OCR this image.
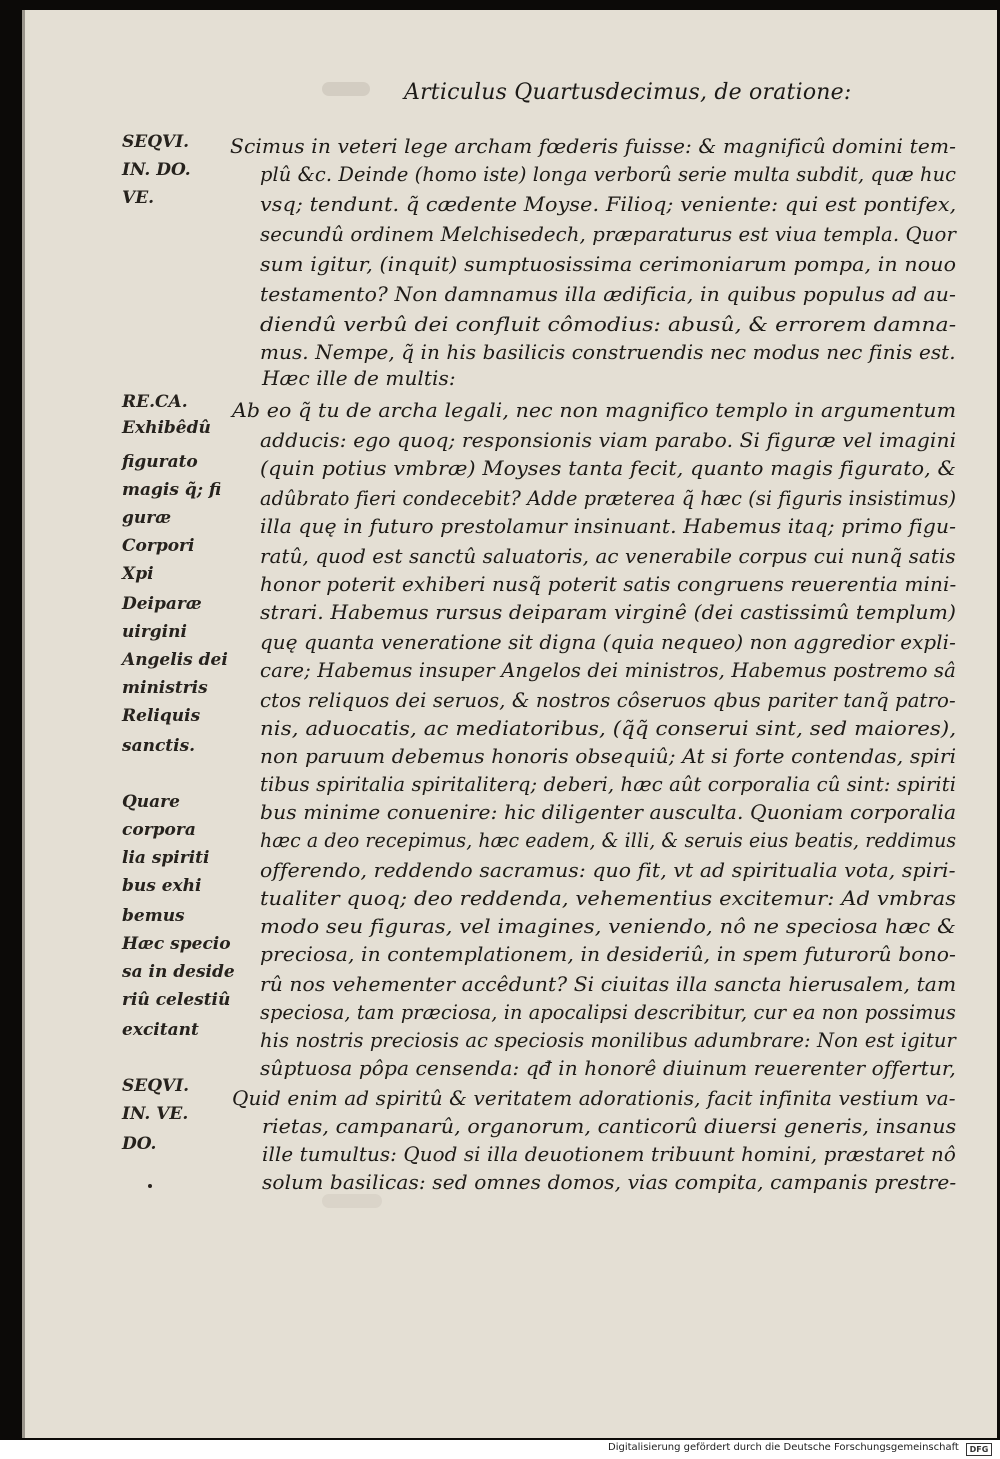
Articulus Quartusdecimus, de oratione:
SEQVI.
IN. DO.
VE.
RE.CA.
Exhibêdû
figurato
magis q̃; fi
guræ
Corpori
Xpi
Deiparæ
uirgini
Angelis dei
ministris
Reliquis
sanctis.
Quare
corpora
lia spiriti
bus exhi
bemus
Hæc specio
sa in deside
riû celestiû
excitant
SEQVI.
IN. VE.
DO.
Scimus in veteri lege archam fœderis fuisse: & magnificû domini tem-
plû &c. Deinde (homo iste) longa verborû serie multa subdit, quæ huc
vsq; tendunt. q̃ cædente Moyse. Filioq; veniente: qui est pontifex,
secundû ordinem Melchisedech, præparaturus est viua templa. Quor
sum igitur, (inquit) sumptuosissima cerimoniarum pompa, in nouo
testamento? Non damnamus illa ædificia, in quibus populus ad au-
diendû verbû dei confluit cômodius: abusû, & errorem damna-
mus. Nempe, q̃ in his basilicis construendis nec modus nec finis est.
Hæc ille de multis:
Ab eo q̃ tu de archa legali, nec non magnifico templo in argumentum
adducis: ego quoq; responsionis viam parabo. Si figuræ vel imagini
(quin potius vmbræ) Moyses tanta fecit, quanto magis figurato, &
adûbrato fieri condecebit? Adde præterea q̃ hæc (si figuris insistimus)
illa quę in futuro prestolamur insinuant. Habemus itaq; primo figu-
ratû, quod est sanctû saluatoris, ac venerabile corpus cui nunq̃ satis
honor poterit exhiberi nusq̃ poterit satis congruens reuerentia mini-
strari. Habemus rursus deiparam virginê (dei castissimû templum)
quę quanta veneratione sit digna (quia nequeo) non aggredior expli-
care; Habemus insuper Angelos dei ministros, Habemus postremo sâ
ctos reliquos dei seruos, & nostros côseruos qbus pariter tanq̃ patro-
nis, aduocatis, ac mediatoribus, (q̃q̃ conserui sint, sed maiores),
non paruum debemus honoris obsequiû; At si forte contendas, spiri
tibus spiritalia spiritaliterq; deberi, hæc aût corporalia cû sint: spiriti
bus minime conuenire: hic diligenter ausculta. Quoniam corporalia
hæc a deo recepimus, hæc eadem, & illi, & seruis eius beatis, reddimus
offerendo, reddendo sacramus: quo fit, vt ad spiritualia vota, spiri-
tualiter quoq; deo reddenda, vehementius excitemur: Ad vmbras
modo seu figuras, vel imagines, veniendo, nô ne speciosa hæc &
preciosa, in contemplationem, in desideriû, in spem futurorû bono-
rû nos vehementer accêdunt? Si ciuitas illa sancta hierusalem, tam
speciosa, tam præciosa, in apocalipsi describitur, cur ea non possimus
his nostris preciosis ac speciosis monilibus adumbrare: Non est igitur
sûptuosa pôpa censenda: qđ in honorê diuinum reuerenter offertur,
Quid enim ad spiritû & veritatem adorationis, facit infinita vestium va-
rietas, campanarû, organorum, canticorû diuersi generis, insanus
ille tumultus: Quod si illa deuotionem tribuunt homini, præstaret nô
solum basilicas: sed omnes domos, vias compita, campanis prestre-
Digitalisierung gefördert durch die Deutsche Forschungsgemeinschaft	DFG
